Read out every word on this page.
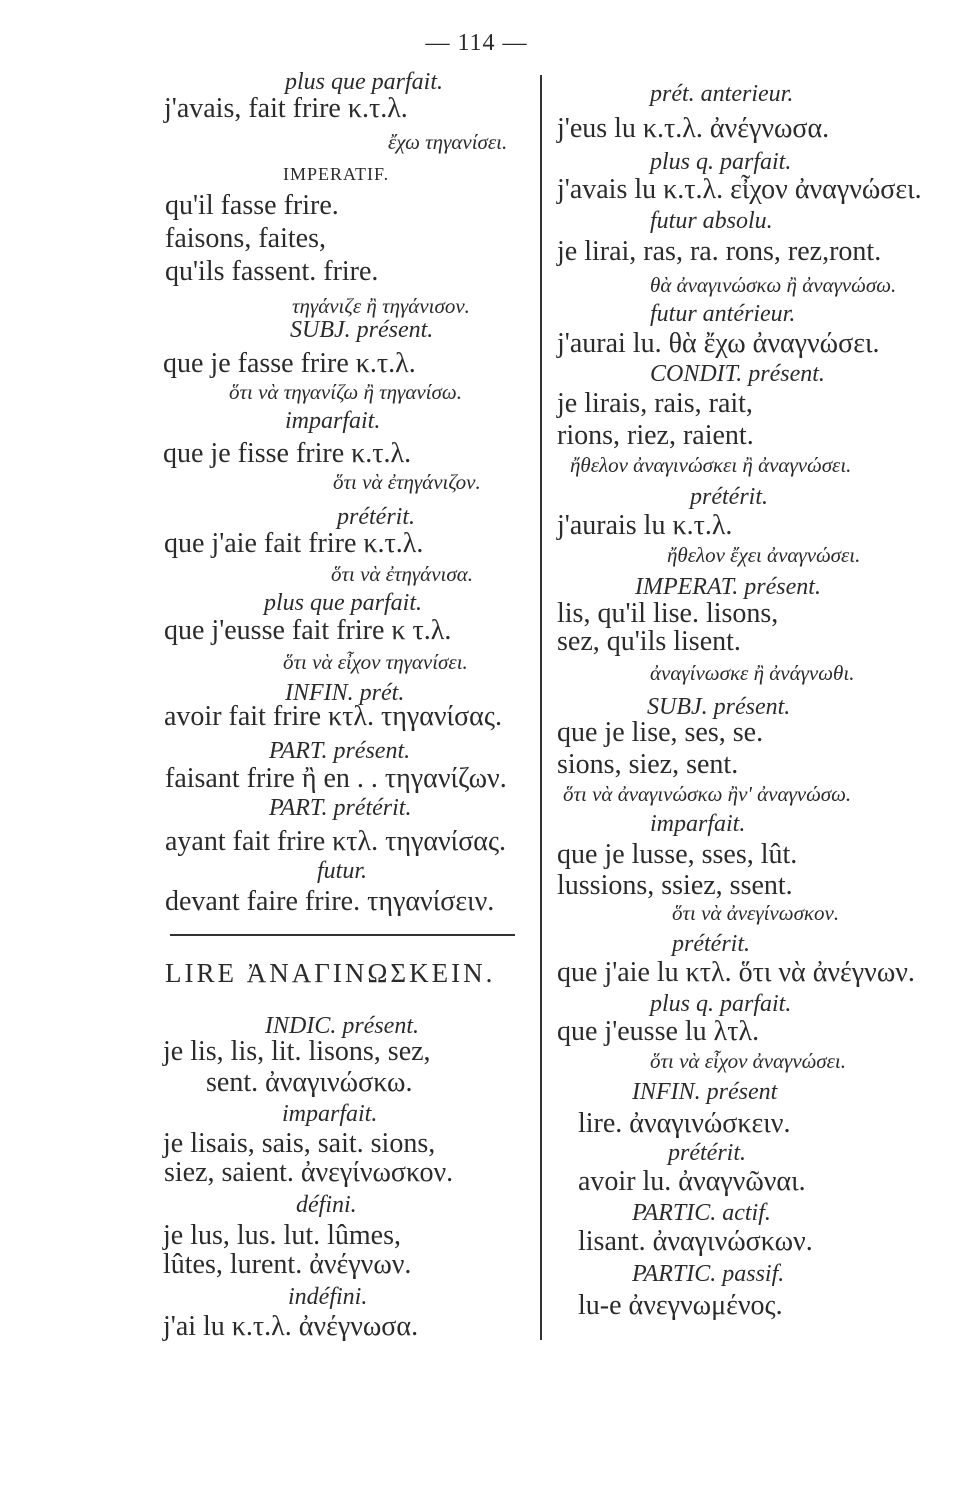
— 114 —
plus que parfait.
j'avais, fait frire κ.τ.λ.
ἔχω τηγανίσει.
IMPERATIF.
qu'il fasse frire.
faisons, faites,
qu'ils fassent. frire.
τηγάνιζε ἢ τηγάνισον.
SUBJ. présent.
que je fasse frire κ.τ.λ.
ὅτι νὰ τηγανίζω ἢ τηγανίσω.
imparfait.
que je fisse frire κ.τ.λ.
ὅτι νὰ ἐτηγάνιζον.
prétérit.
que j'aie fait frire κ.τ.λ.
ὅτι νὰ ἐτηγάνισα.
plus que parfait.
que j'eusse fait frire κ τ.λ.
ὅτι νὰ εἶχον τηγανίσει.
INFIN. prét.
avoir fait frire κτλ. τηγανίσας.
PART. présent.
faisant frire ἢ en . . τηγανίζων.
PART. prétérit.
ayant fait frire κτλ. τηγανίσας.
futur.
devant faire frire. τηγανίσειν.
LIRE ἈΝΑΓΙΝΩΣΚΕΙΝ.
INDIC. présent.
je lis, lis, lit. lisons, sez,
sent. ἀναγινώσκω.
imparfait.
je lisais, sais, sait. sions,
siez, saient. ἀνεγίνωσκον.
défini.
je lus, lus. lut. lûmes,
lûtes, lurent. ἀνέγνων.
indéfini.
j'ai lu κ.τ.λ. ἀνέγνωσα.
prét. anterieur.
j'eus lu κ.τ.λ. ἀνέγνωσα.
plus q. parfait.
j'avais lu κ.τ.λ. εἶχον ἀναγνώσει.
futur absolu.
je lirai, ras, ra. rons, rez,ront.
θὰ ἀναγινώσκω ἢ ἀναγνώσω.
futur antérieur.
j'aurai lu. θὰ ἔχω ἀναγνώσει.
CONDIT. présent.
je lirais, rais, rait,
rions, riez, raient.
ἤθελον ἀναγινώσκει ἢ ἀναγνώσει.
prétérit.
j'aurais lu κ.τ.λ.
ἤθελον ἔχει ἀναγνώσει.
IMPERAT. présent.
lis, qu'il lise. lisons,
sez, qu'ils lisent.
ἀναγίνωσκε ἢ ἀνάγνωθι.
SUBJ. présent.
que je lise, ses, se.
sions, siez, sent.
ὅτι νὰ ἀναγινώσκω ἢν' ἀναγνώσω.
imparfait.
que je lusse, sses, lût.
lussions, ssiez, ssent.
ὅτι νὰ ἀνεγίνωσκον.
prétérit.
que j'aie lu κτλ. ὅτι νὰ ἀνέγνων.
plus q. parfait.
que j'eusse lu λτλ.
ὅτι νὰ εἶχον ἀναγνώσει.
INFIN. présent
lire. ἀναγινώσκειν.
prétérit.
avoir lu. ἀναγνῶναι.
PARTIC. actif.
lisant. ἀναγινώσκων.
PARTIC. passif.
lu-e ἀνεγνωμένος.
